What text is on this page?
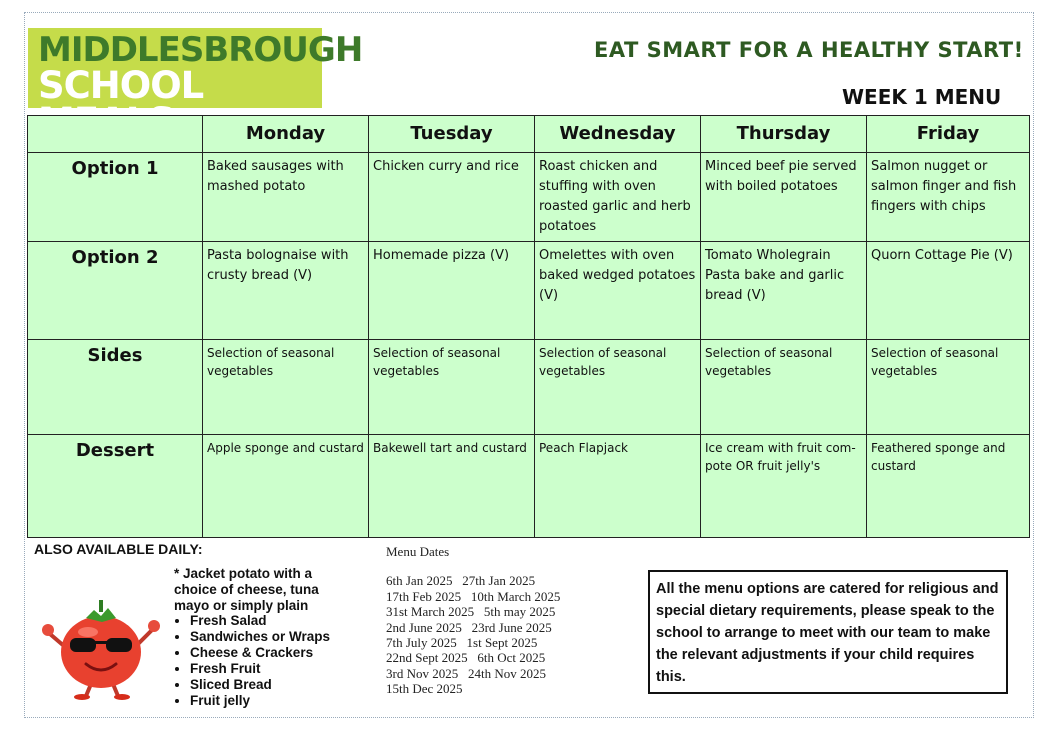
MIDDLESBROUGH
SCHOOL
EAT SMART FOR A HEALTHY START!
WEEK 1 MENU
	Monday	Tuesday	Wednesday	Thursday	Friday
Option 1	Baked sausages with mashed potato	Chicken curry and rice	Roast chicken and stuffing with oven roasted garlic and herb potatoes	Minced beef pie served with boiled potatoes	Salmon nugget or salmon finger and fish fingers with chips
Option 2	Pasta bolognaise with crusty bread (V)	Homemade pizza (V)	Omelettes with oven baked wedged potatoes (V)	Tomato Wholegrain Pasta bake and garlic bread (V)	Quorn Cottage Pie (V)
Sides	Selection of seasonal vegetables	Selection of seasonal vegetables	Selection of seasonal vegetables	Selection of seasonal vegetables	Selection of seasonal vegetables
Dessert	Apple sponge and custard	Bakewell tart and custard	Peach Flapjack	Ice cream with fruit com-pote OR fruit jelly's	Feathered sponge and custard
ALSO AVAILABLE DAILY:
* Jacket potato with a choice of cheese, tuna mayo or simply plain
• Fresh Salad
• Sandwiches or Wraps
• Cheese & Crackers
• Fresh Fruit
• Sliced Bread
• Fruit jelly
Menu Dates
6th Jan 2025   27th Jan 2025
17th Feb 2025   10th March 2025
31st March 2025   5th may 2025
2nd June 2025   23rd June 2025
7th July 2025   1st Sept 2025
22nd Sept 2025   6th Oct 2025
3rd Nov 2025   24th Nov 2025
15th Dec 2025
All the menu options are catered for religious and special dietary requirements, please speak to the school to arrange to meet with our team to make the relevant adjustments if your child requires this.
